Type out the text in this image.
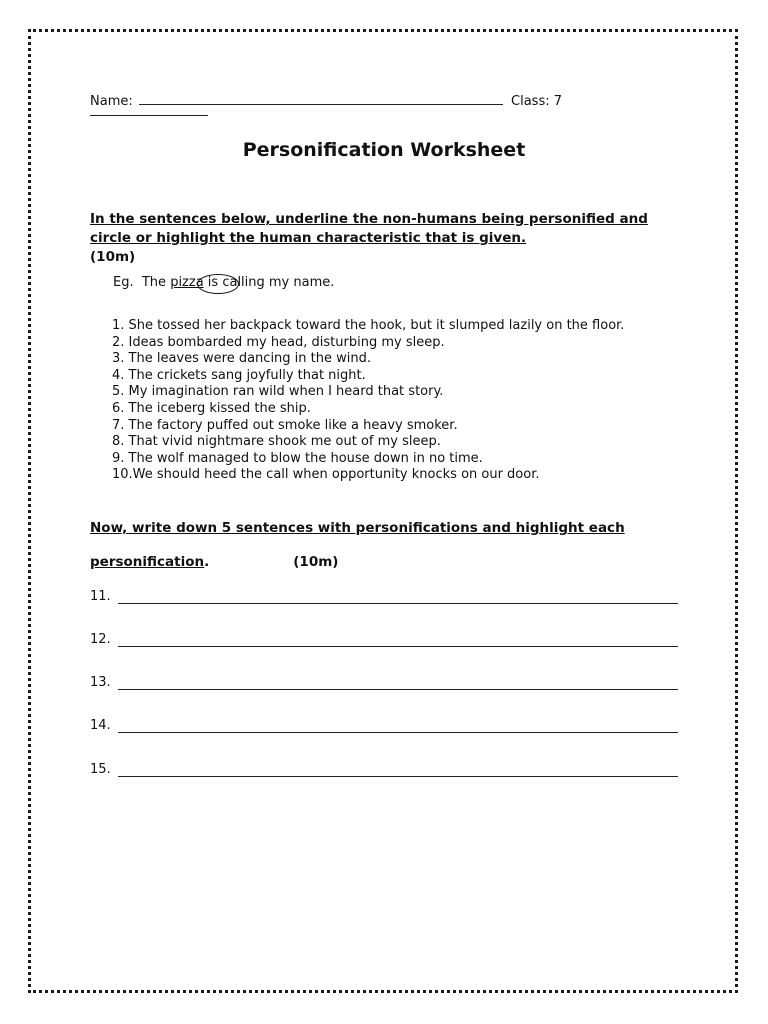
Name:	Class: 7
Personification Worksheet
In the sentences below, underline the non-humans being personified and circle or highlight the human characteristic that is given.
(10m)
Eg.  The pizza is ca
lling my name.
1. She tossed her backpack toward the hook, but it slumped lazily on the floor.
2. Ideas bombarded my head, disturbing my sleep.
3. The leaves were dancing in the wind.
4. The crickets sang joyfully that night.
5. My imagination ran wild when I heard that story.
6. The iceberg kissed the ship.
7. The factory puffed out smoke like a heavy smoker.
8. That vivid nightmare shook me out of my sleep.
9. The wolf managed to blow the house down in no time.
10.We should heed the call when opportunity knocks on our door.
Now, write down 5 sentences with personifications and highlight each
personification.	(10m)
11.
12.
13.
14.
15.
